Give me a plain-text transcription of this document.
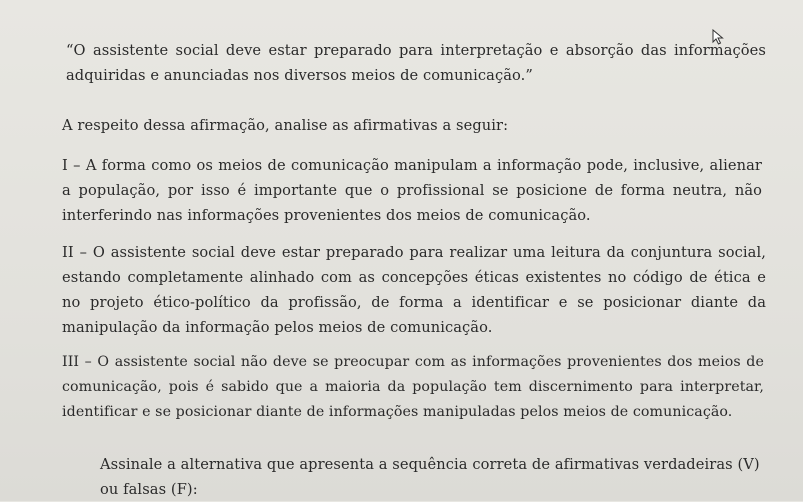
“O assistente social deve estar preparado para interpretação e absorção das informações adquiridas e anunciadas nos diversos meios de comunicação.”
A respeito dessa afirmação, analise as afirmativas a seguir:
I – A forma como os meios de comunicação manipulam a informação pode, inclusive, alienar a população, por isso é importante que o profissional se posicione de forma neutra, não interferindo nas informações provenientes dos meios de comunicação.
II – O assistente social deve estar preparado para realizar uma leitura da conjuntura social, estando completamente alinhado com as concepções éticas existentes no código de ética e no projeto ético-político da profissão, de forma a identificar e se posicionar diante da manipulação da informação pelos meios de comunicação.
III – O assistente social não deve se preocupar com as informações provenientes dos meios de comunicação, pois é sabido que a maioria da população tem discernimento para interpretar, identificar e se posicionar diante de informações manipuladas pelos meios de comunicação.
Assinale a alternativa que apresenta a sequência correta de afirmativas verdadeiras (V) ou falsas (F):
